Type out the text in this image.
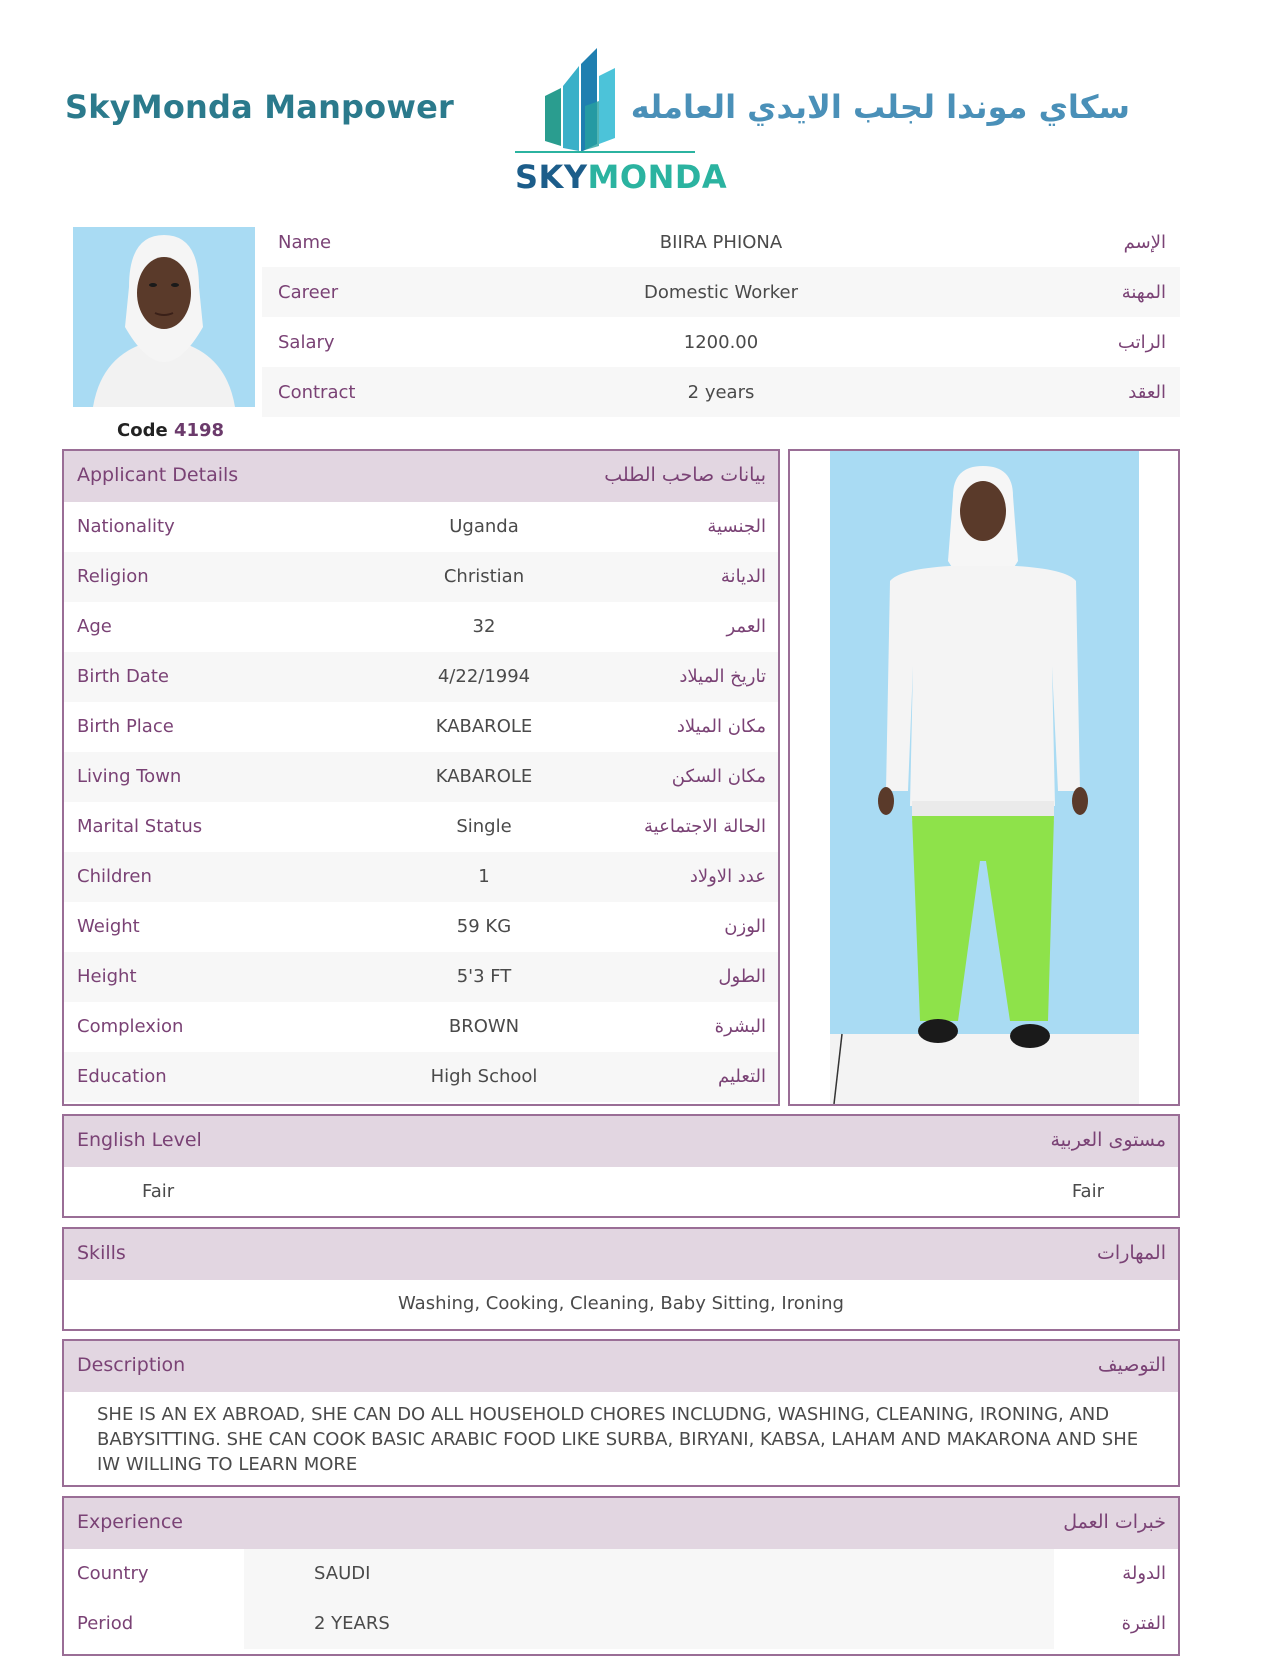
SkyMonda Manpower
SKYMONDA
سكاي موندا لجلب الايدي العامله
Code 4198
Name	BIIRA PHIONA	الإسم
Career	Domestic Worker	المهنة
Salary	1200.00	الراتب
Contract	2 years	العقد
Applicant Details	بيانات صاحب الطلب
Nationality	Uganda	الجنسية
Religion	Christian	الديانة
Age	32	العمر
Birth Date	4/22/1994	تاريخ الميلاد
Birth Place	KABAROLE	مكان الميلاد
Living Town	KABAROLE	مكان السكن
Marital Status	Single	الحالة الاجتماعية
Children	1	عدد الاولاد
Weight	59 KG	الوزن
Height	5'3 FT	الطول
Complexion	BROWN	البشرة
Education	High School	التعليم
English Level	مستوى العربية
Fair	Fair
Skills	المهارات
Washing, Cooking, Cleaning, Baby Sitting, Ironing
Description	التوصيف
SHE IS AN EX ABROAD, SHE CAN DO ALL HOUSEHOLD CHORES INCLUDNG, WASHING, CLEANING, IRONING, AND BABYSITTING. SHE CAN COOK BASIC ARABIC FOOD LIKE SURBA, BIRYANI, KABSA, LAHAM AND MAKARONA AND SHE IW WILLING TO LEARN MORE
Experience	خبرات العمل
Country	SAUDI	الدولة
Period	2 YEARS	الفترة
